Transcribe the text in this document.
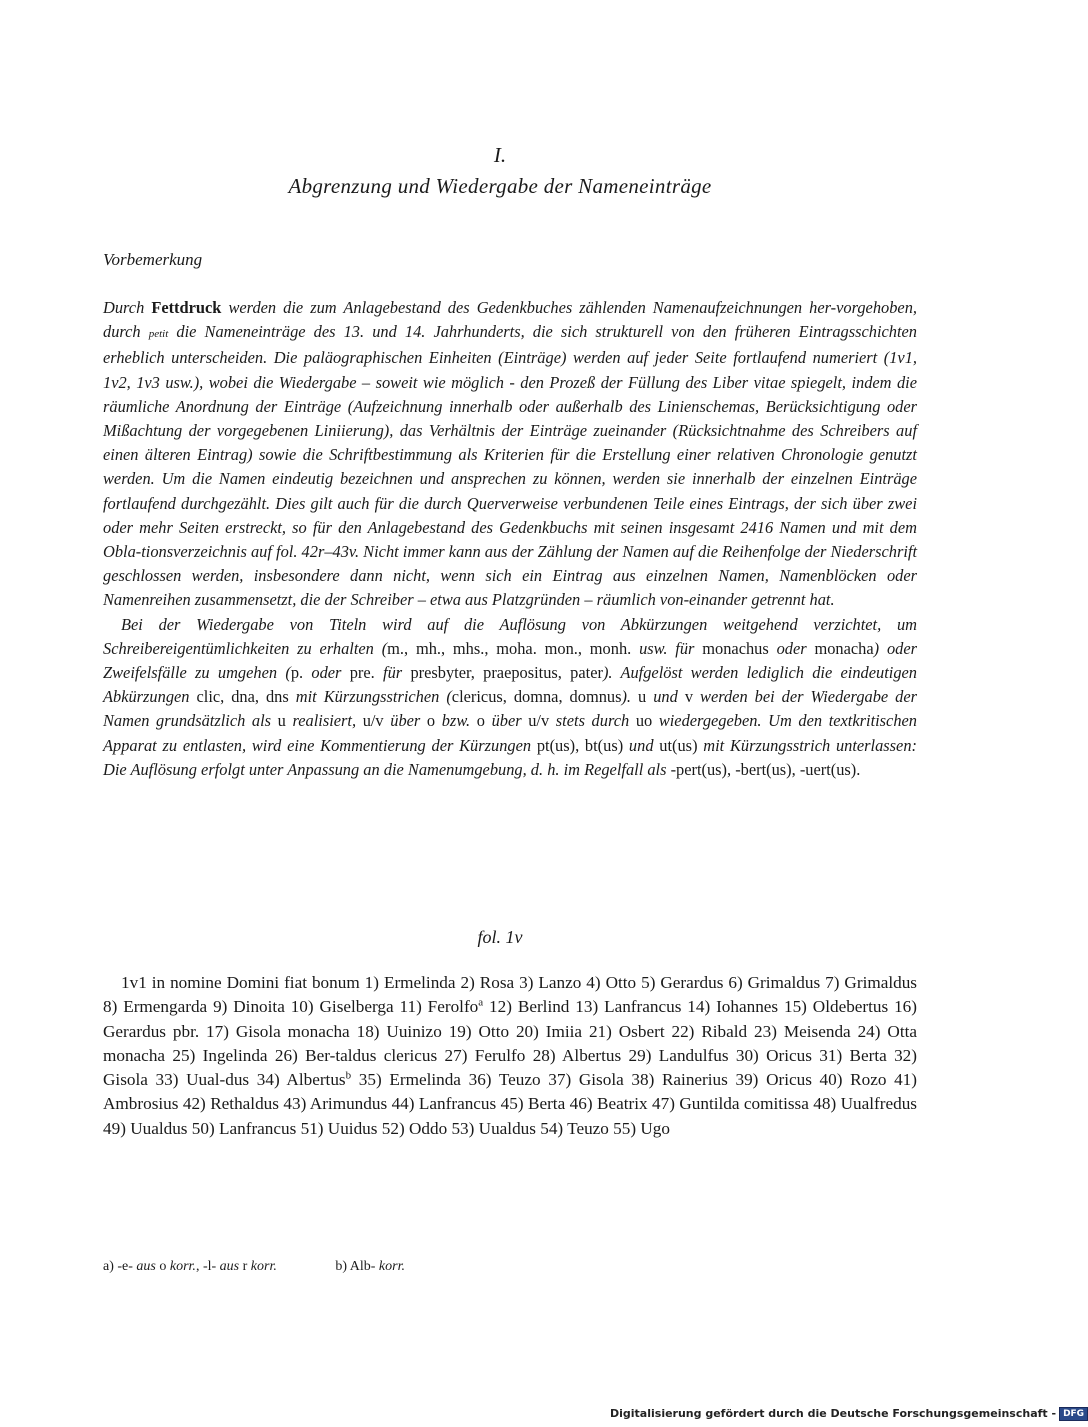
I.
Abgrenzung und Wiedergabe der Nameneinträge
Vorbemerkung

Durch Fettdruck werden die zum Anlagebestand des Gedenkbuches zählenden Namenaufzeichnungen her-vorgehoben, durch petit die Nameneinträge des 13. und 14. Jahrhunderts, die sich strukturell von den früheren Eintragsschichten erheblich unterscheiden. Die paläographischen Einheiten (Einträge) werden auf jeder Seite fortlaufend numeriert (1v1, 1v2, 1v3 usw.), wobei die Wiedergabe – soweit wie möglich - den Prozeß der Füllung des Liber vitae spiegelt, indem die räumliche Anordnung der Einträge (Aufzeichnung innerhalb oder außerhalb des Linienschemas, Berücksichtigung oder Mißachtung der vorgegebenen Liniierung), das Verhältnis der Einträge zueinander (Rücksichtnahme des Schreibers auf einen älteren Eintrag) sowie die Schriftbestimmung als Kriterien für die Erstellung einer relativen Chronologie genutzt werden. Um die Namen eindeutig bezeichnen und ansprechen zu können, werden sie innerhalb der einzelnen Einträge fortlaufend durchgezählt. Dies gilt auch für die durch Querverweise verbundenen Teile eines Eintrags, der sich über zwei oder mehr Seiten erstreckt, so für den Anlagebestand des Gedenkbuchs mit seinen insgesamt 2416 Namen und mit dem Obla-tionsverzeichnis auf fol. 42r–43v. Nicht immer kann aus der Zählung der Namen auf die Reihenfolge der Niederschrift geschlossen werden, insbesondere dann nicht, wenn sich ein Eintrag aus einzelnen Namen, Namenblöcken oder Namenreihen zusammensetzt, die der Schreiber – etwa aus Platzgründen – räumlich von-einander getrennt hat.

Bei der Wiedergabe von Titeln wird auf die Auflösung von Abkürzungen weitgehend verzichtet, um Schreibereigentümlichkeiten zu erhalten (m., mh., mhs., moha. mon., monh. usw. für monachus oder monacha) oder Zweifelsfälle zu umgehen (p. oder pre. für presbyter, praepositus, pater). Aufgelöst werden lediglich die eindeutigen Abkürzungen clic, dna, dns mit Kürzungsstrichen (clericus, domna, domnus). u und v werden bei der Wiedergabe der Namen grundsätzlich als u realisiert, u/v über o bzw. o über u/v stets durch uo wiedergegeben. Um den textkritischen Apparat zu entlasten, wird eine Kommentierung der Kürzungen pt(us), bt(us) und ut(us) mit Kürzungsstrich unterlassen: Die Auflösung erfolgt unter Anpassung an die Namenumgebung, d. h. im Regelfall als -pert(us), -bert(us), -uert(us).

fol. 1v
1v1 in nomine Domini fiat bonum 1) Ermelinda 2) Rosa 3) Lanzo 4) Otto 5) Gerardus 6) Grimaldus 7) Grimaldus 8) Ermengarda 9) Dinoita 10) Giselberga 11) Ferolfo$^a$ 12) Berlind 13) Lanfrancus 14) Iohannes 15) Oldebertus 16) Gerardus pbr. 17) Gisola monacha 18) Uuinizo 19) Otto 20) Imiia 21) Osbert 22) Ribald 23) Meisenda 24) Otta monacha 25) Ingelinda 26) Ber-taldus clericus 27) Ferulfo 28) Albertus 29) Landulfus 30) Oricus 31) Berta 32) Gisola 33) Uual-dus 34) Albertus$^b$ 35) Ermelinda 36) Teuzo 37) Gisola 38) Rainerius 39) Oricus 40) Rozo 41) Ambrosius 42) Rethaldus 43) Arimundus 44) Lanfrancus 45) Berta 46) Beatrix 47) Guntilda comitissa 48) Uualfredus 49) Uualdus 50) Lanfrancus 51) Uuidus 52) Oddo 53) Uualdus 54) Teuzo 55) Ugo
a) -e- aus o korr., -l- aus r korr.	b) Alb- korr.
Digitalisierung gefördert durch die Deutsche Forschungsgemeinschaft - DFG
